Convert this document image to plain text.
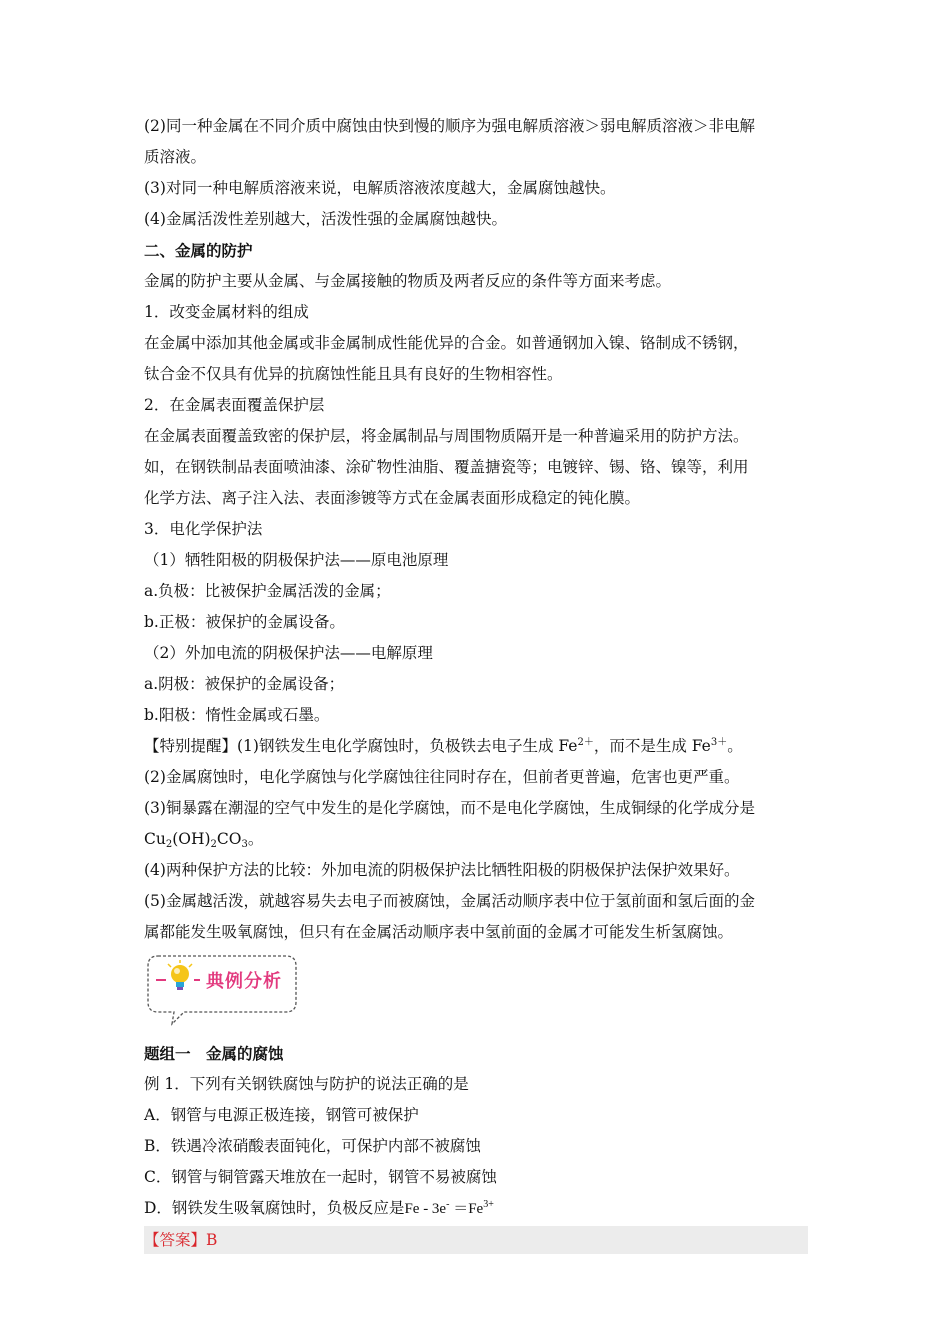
(2)同一种金属在不同介质中腐蚀由快到慢的顺序为强电解质溶液＞弱电解质溶液＞非电解
质溶液。
(3)对同一种电解质溶液来说，电解质溶液浓度越大，金属腐蚀越快。
(4)金属活泼性差别越大，活泼性强的金属腐蚀越快。
二、金属的防护
金属的防护主要从金属、与金属接触的物质及两者反应的条件等方面来考虑。
1．改变金属材料的组成
在金属中添加其他金属或非金属制成性能优异的合金。如普通钢加入镍、铬制成不锈钢，
钛合金不仅具有优异的抗腐蚀性能且具有良好的生物相容性。
2．在金属表面覆盖保护层
在金属表面覆盖致密的保护层，将金属制品与周围物质隔开是一种普遍采用的防护方法。
如，在钢铁制品表面喷油漆、涂矿物性油脂、覆盖搪瓷等；电镀锌、锡、铬、镍等，利用
化学方法、离子注入法、表面渗镀等方式在金属表面形成稳定的钝化膜。
3．电化学保护法
（1）牺牲阳极的阴极保护法——原电池原理
a.负极：比被保护金属活泼的金属；
b.正极：被保护的金属设备。
（2）外加电流的阴极保护法——电解原理
a.阴极：被保护的金属设备；
b.阳极：惰性金属或石墨。
【特别提醒】(1)钢铁发生电化学腐蚀时，负极铁去电子生成 $Fe^{2+}$，而不是生成 $Fe^{3+}$。
(2)金属腐蚀时，电化学腐蚀与化学腐蚀往往同时存在，但前者更普遍，危害也更严重。
(3)铜暴露在潮湿的空气中发生的是化学腐蚀，而不是电化学腐蚀，生成铜绿的化学成分是
$Cu_2(OH)_2CO_3$。
(4)两种保护方法的比较：外加电流的阴极保护法比牺牲阳极的阴极保护法保护效果好。
(5)金属越活泼，就越容易失去电子而被腐蚀，金属活动顺序表中位于氢前面和氢后面的金
属都能发生吸氧腐蚀，但只有在金属活动顺序表中氢前面的金属才可能发生析氢腐蚀。
典例分析
题组一　金属的腐蚀
例 1．下列有关钢铁腐蚀与防护的说法正确的是
A．钢管与电源正极连接，钢管可被保护
B．铁遇冷浓硝酸表面钝化，可保护内部不被腐蚀
C．钢管与铜管露天堆放在一起时，钢管不易被腐蚀
D．钢铁发生吸氧腐蚀时，负极反应是$Fe - 3e^- =Fe^{3+}$
【答案】B
